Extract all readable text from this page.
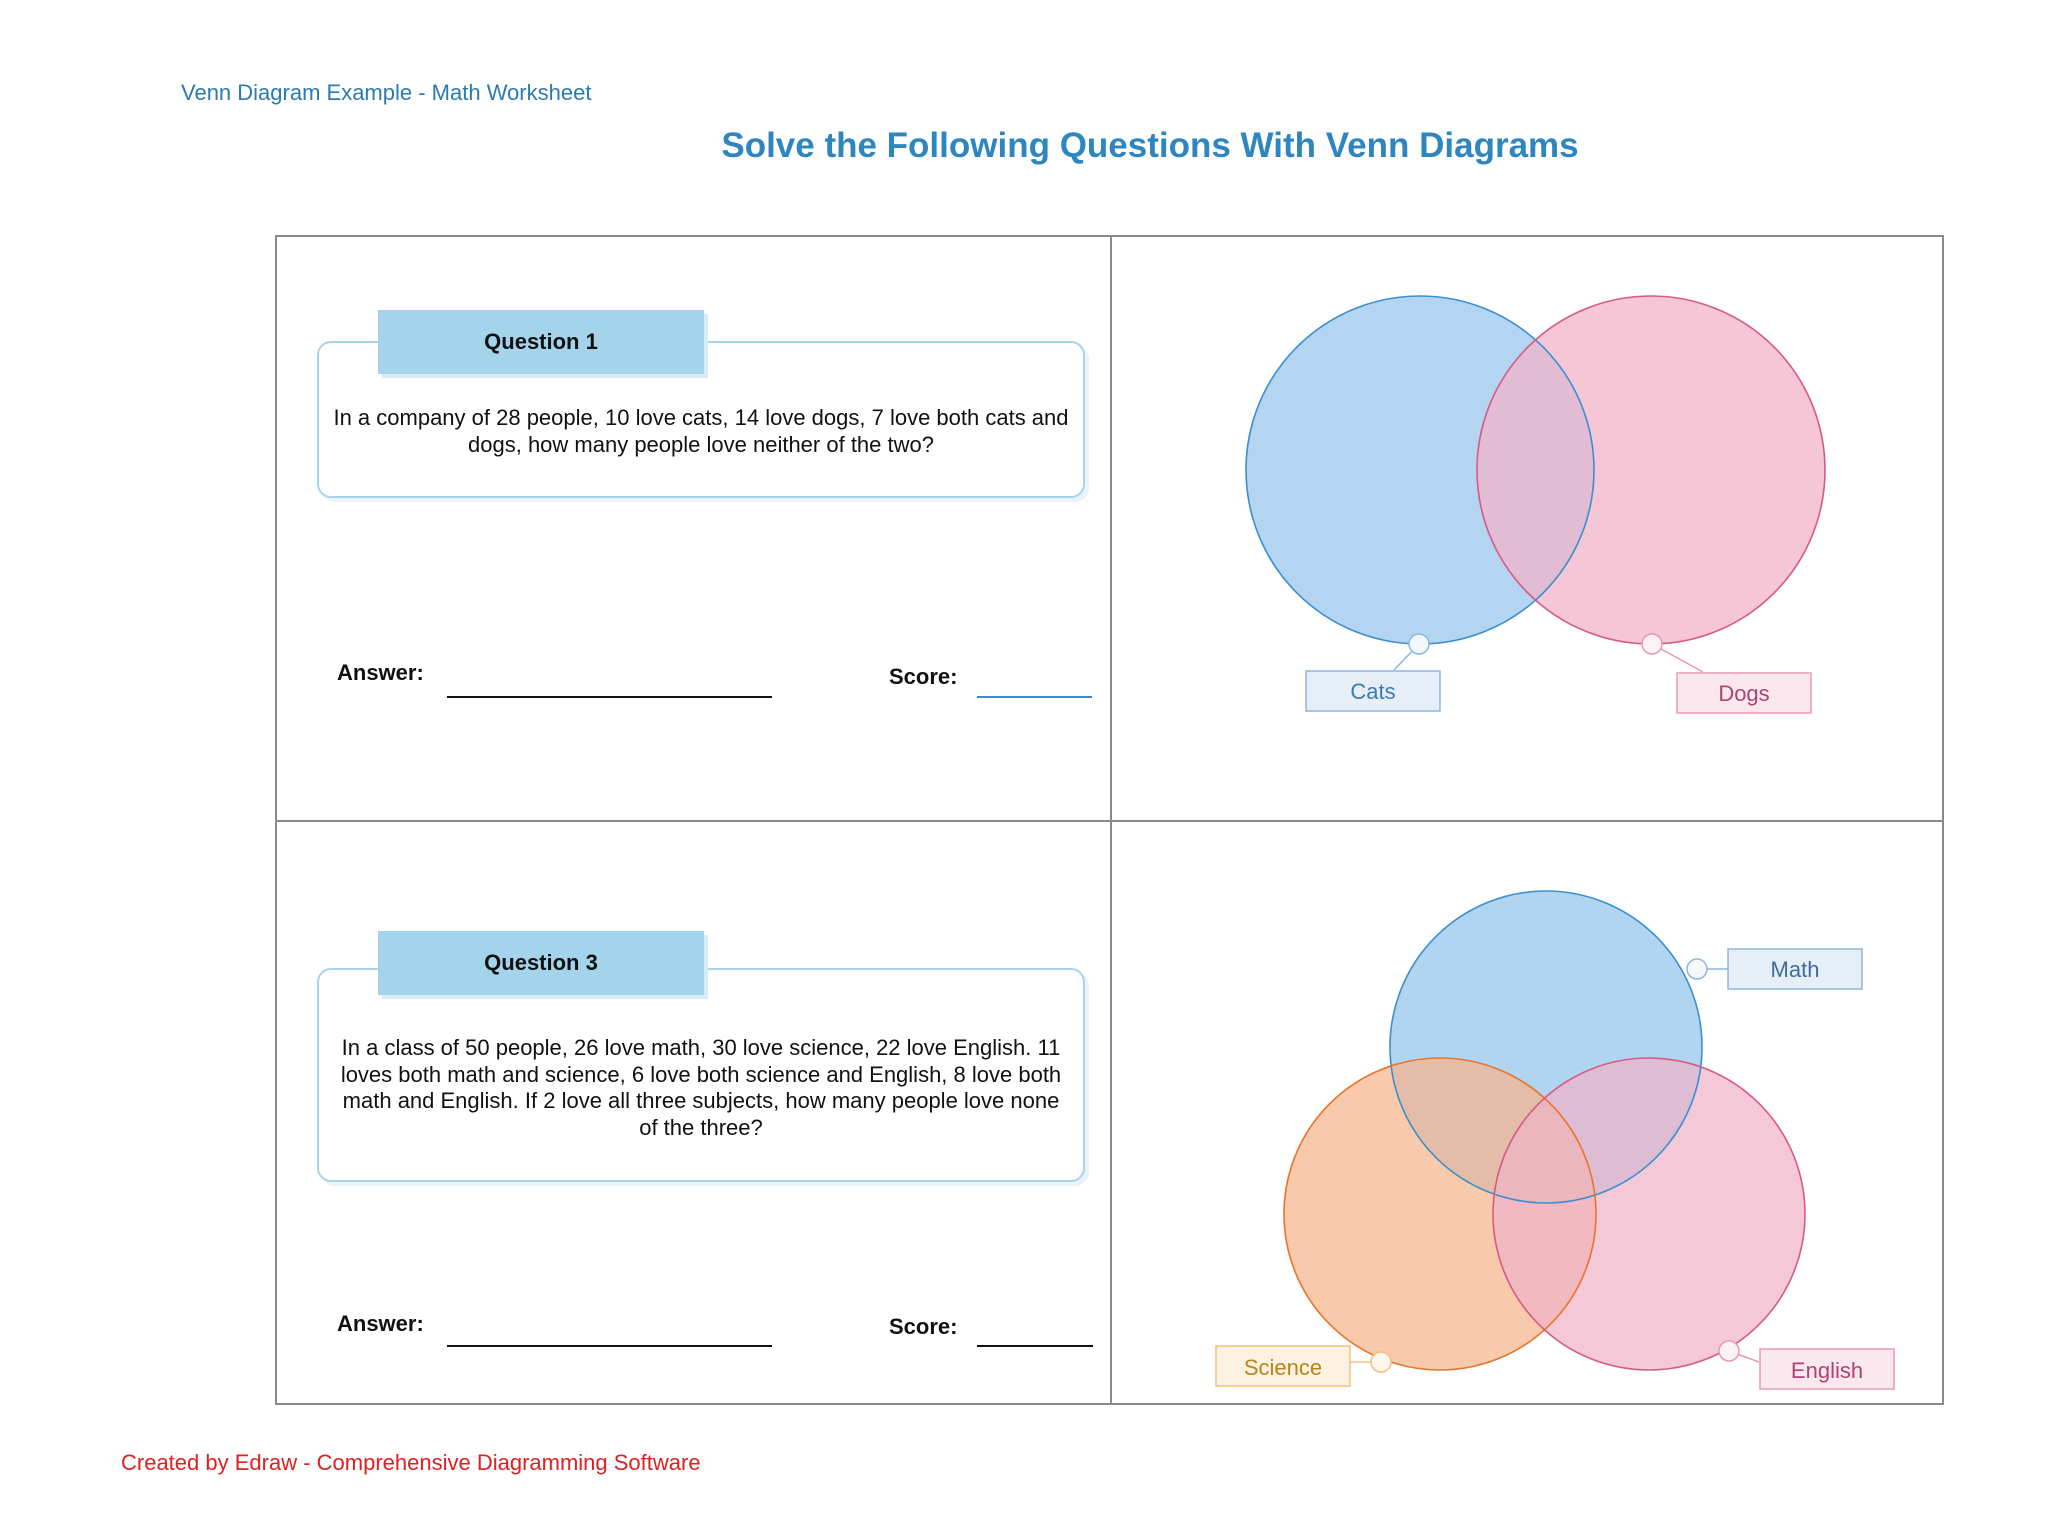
Venn Diagram Example - Math Worksheet
Solve the Following Questions With Venn Diagrams
In a company of 28 people, 10 love cats, 14 love dogs, 7 love both cats and dogs, how many people love neither of the two?
Question 1
Answer:	Score:
In a class of 50 people, 26 love math, 30 love science, 22 love English. 11 loves both math and science, 6 love both science and English, 8 love both math and English. If 2 love all three subjects, how many people love none of the three?
Question 3
Answer:	Score:
Cats	Dogs
Math
Science	English
Created by Edraw - Comprehensive Diagramming Software
